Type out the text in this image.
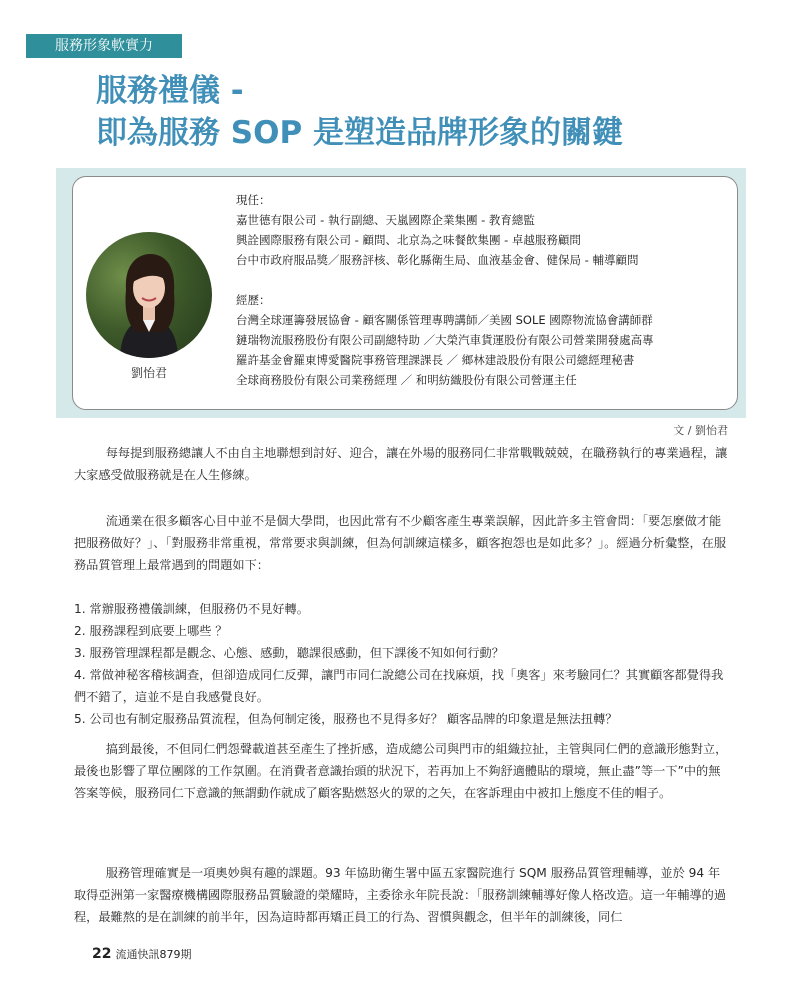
服務形象軟實力
服務禮儀 -
即為服務 SOP 是塑造品牌形象的關鍵
劉怡君
現任：
嘉世德有限公司 - 執行副總、天嵐國際企業集團 - 教育總監
興詮國際服務有限公司 - 顧問、北京為之味餐飲集團 - 卓越服務顧問
台中市政府服品獎／服務評核、彰化縣衛生局、血液基金會、健保局 - 輔導顧問
經歷：
台灣全球運籌發展協會 - 顧客關係管理專聘講師／美國 SOLE 國際物流協會講師群
鏈瑞物流服務股份有限公司副總特助 ／大榮汽車貨運股份有限公司營業開發處高專
羅許基金會羅東博愛醫院事務管理課課長 ／ 鄉林建設股份有限公司總經理秘書
全球商務股份有限公司業務經理 ／ 和明紡織股份有限公司營運主任
文 / 劉怡君

每每提到服務總讓人不由自主地聯想到討好、迎合，讓在外場的服務同仁非常戰戰兢兢，在職務執行的專業過程，讓大家感受做服務就是在人生修練。

流通業在很多顧客心目中並不是個大學問，也因此常有不少顧客產生專業誤解，因此許多主管會問：「要怎麼做才能把服務做好？」、「對服務非常重視，常常要求與訓練，但為何訓練這樣多，顧客抱怨也是如此多？」。經過分析彙整，在服務品質管理上最常遇到的問題如下：

1. 常辦服務禮儀訓練，但服務仍不見好轉。
2. 服務課程到底要上哪些 ？
3. 服務管理課程都是觀念、心態、感動，聽課很感動，但下課後不知如何行動？
4. 常做神秘客稽核調查，但卻造成同仁反彈，讓門市同仁說總公司在找麻煩，找「奧客」來考驗同仁？其實顧客都覺得我們不錯了，這並不是自我感覺良好。
5. 公司也有制定服務品質流程，但為何制定後，服務也不見得多好？ 顧客品牌的印象還是無法扭轉？

搞到最後，不但同仁們怨聲載道甚至產生了挫折感，造成總公司與門市的組織拉扯，主管與同仁們的意識形態對立，最後也影響了單位團隊的工作氛圍。在消費者意識抬頭的狀況下，若再加上不夠舒適體貼的環境，無止盡”等一下”中的無答案等候，服務同仁下意識的無謂動作就成了顧客點燃怒火的眾的之矢，在客訴理由中被扣上態度不佳的帽子。

服務管理確實是一項奧妙與有趣的課題。93 年協助衛生署中區五家醫院進行 SQM 服務品質管理輔導，並於 94 年取得亞洲第一家醫療機構國際服務品質驗證的榮耀時，主委徐永年院長說：「服務訓練輔導好像人格改造。這一年輔導的過程，最難熬的是在訓練的前半年，因為這時都再矯正員工的行為、習慣與觀念，但半年的訓練後，同仁

22 流通快訊879期
